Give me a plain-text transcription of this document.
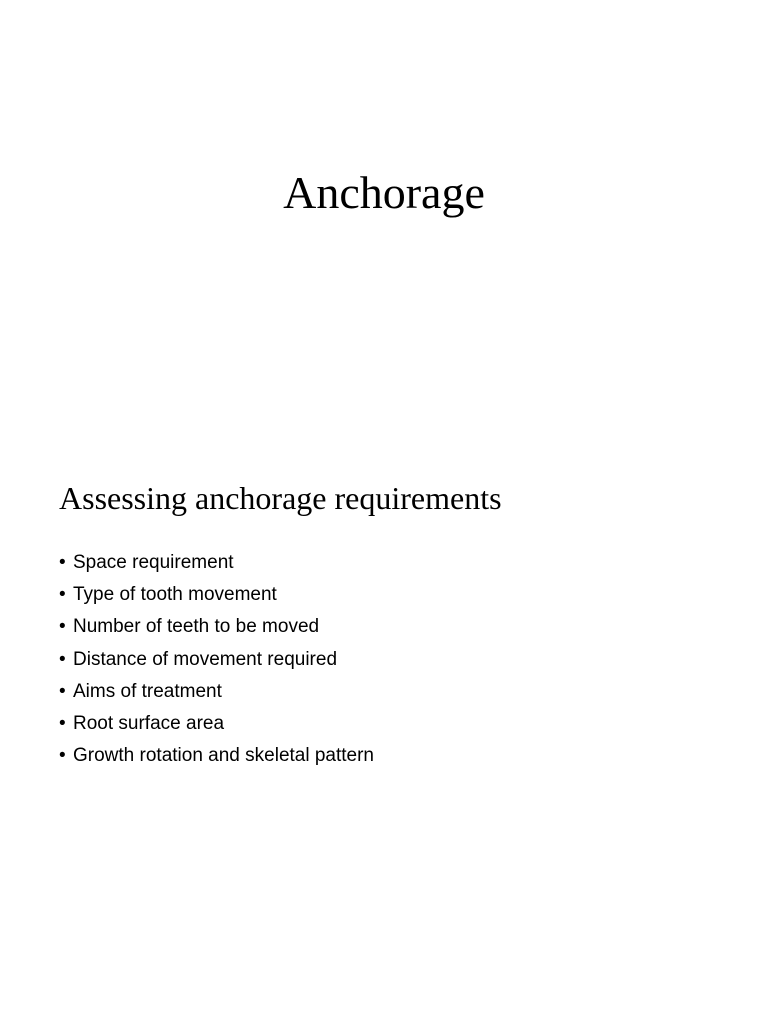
Anchorage
Assessing anchorage requirements
• Space requirement
• Type of tooth movement
• Number of teeth to be moved
• Distance of movement required
• Aims of treatment
• Root surface area
• Growth rotation and skeletal pattern
